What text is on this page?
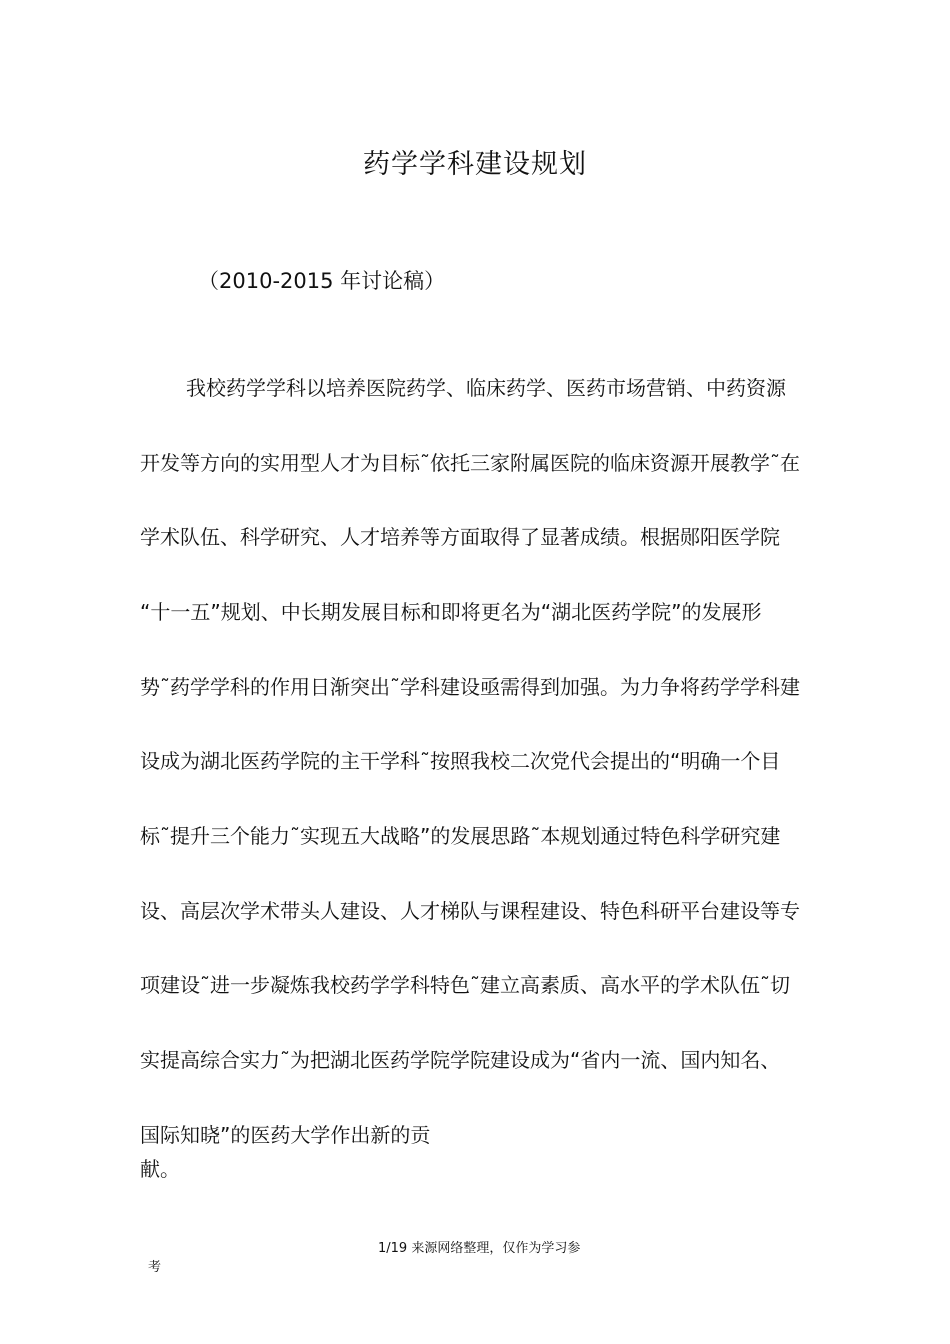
药学学科建设规划

（2010-2015 年讨论稿）

我校药学学科以培养医院药学、临床药学、医药市场营销、中药资源

开发等方向的实用型人才为目标˜依托三家附属医院的临床资源开展教学˜在

学术队伍、科学研究、人才培养等方面取得了显著成绩。根据郧阳医学院

“十一五”规划、中长期发展目标和即将更名为“湖北医药学院”的发展形

势˜药学学科的作用日渐突出˜学科建设亟需得到加强。为力争将药学学科建

设成为湖北医药学院的主干学科˜按照我校二次党代会提出的“明确一个目

标˜提升三个能力˜实现五大战略”的发展思路˜本规划通过特色科学研究建

设、高层次学术带头人建设、人才梯队与课程建设、特色科研平台建设等专

项建设˜进一步凝炼我校药学学科特色˜建立高素质、高水平的学术队伍˜切

实提高综合实力˜为把湖北医药学院学院建设成为“省内一流、国内知名、

国际知晓”的医药大学作出新的贡

献。

1/19 来源网络整理，仅作为学习参

考
